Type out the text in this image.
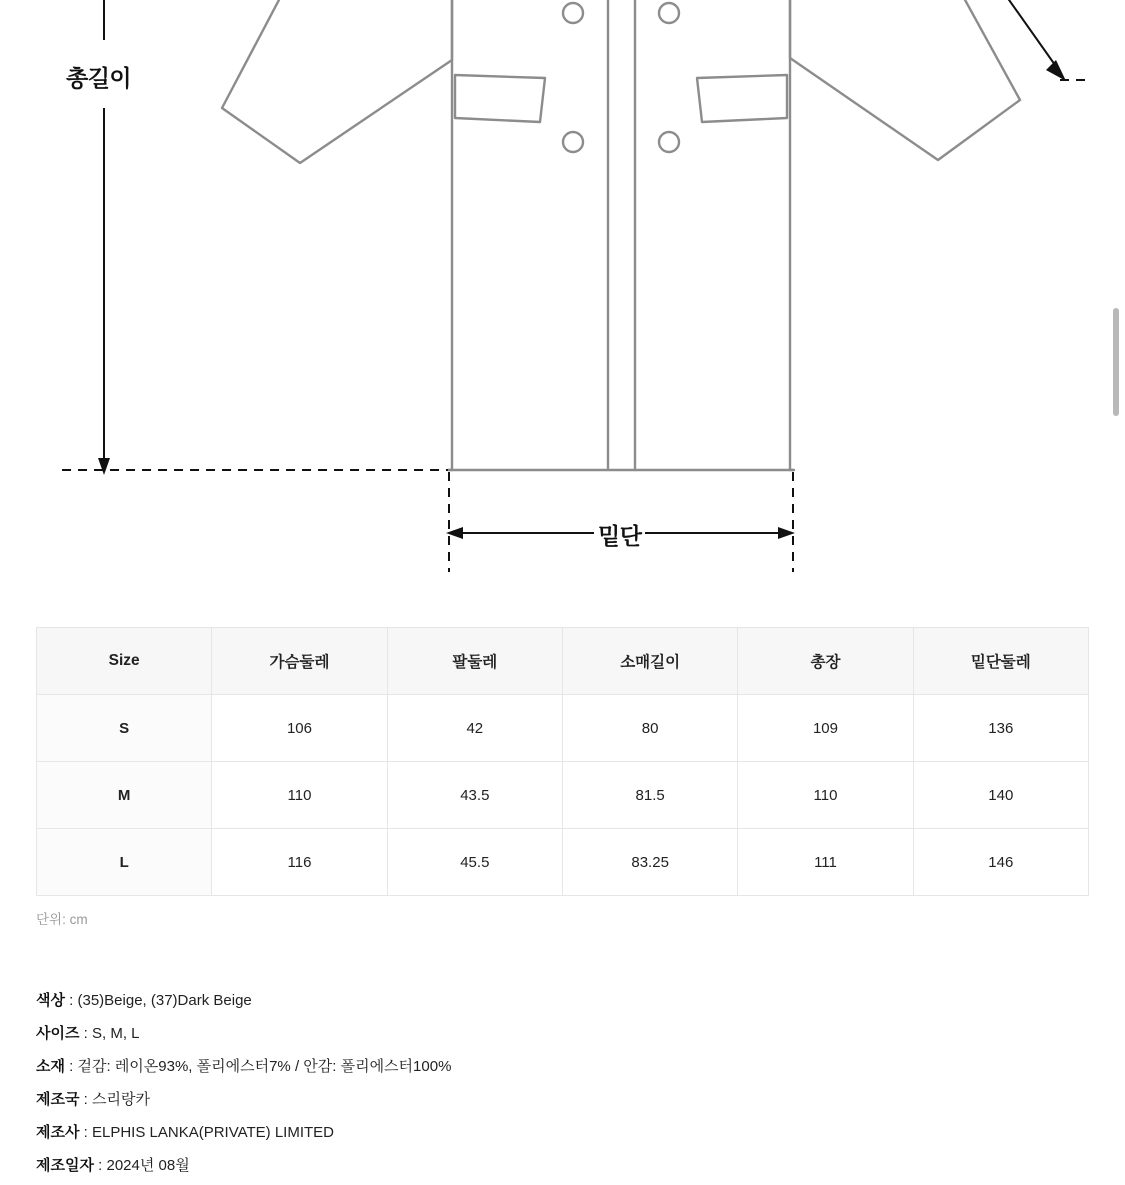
총길이
밑단
Size	가슴둘레	팔둘레	소매길이	총장	밑단둘레
S	106	42	80	109	136
M	110	43.5	81.5	110	140
L	116	45.5	83.25	111	146
단위: cm
색상 : (35)Beige, (37)Dark Beige
사이즈 : S, M, L
소재 : 겉감: 레이온93%, 폴리에스터7% / 안감: 폴리에스터100%
제조국 : 스리랑카
제조사 : ELPHIS LANKA(PRIVATE) LIMITED
제조일자 : 2024년 08월
